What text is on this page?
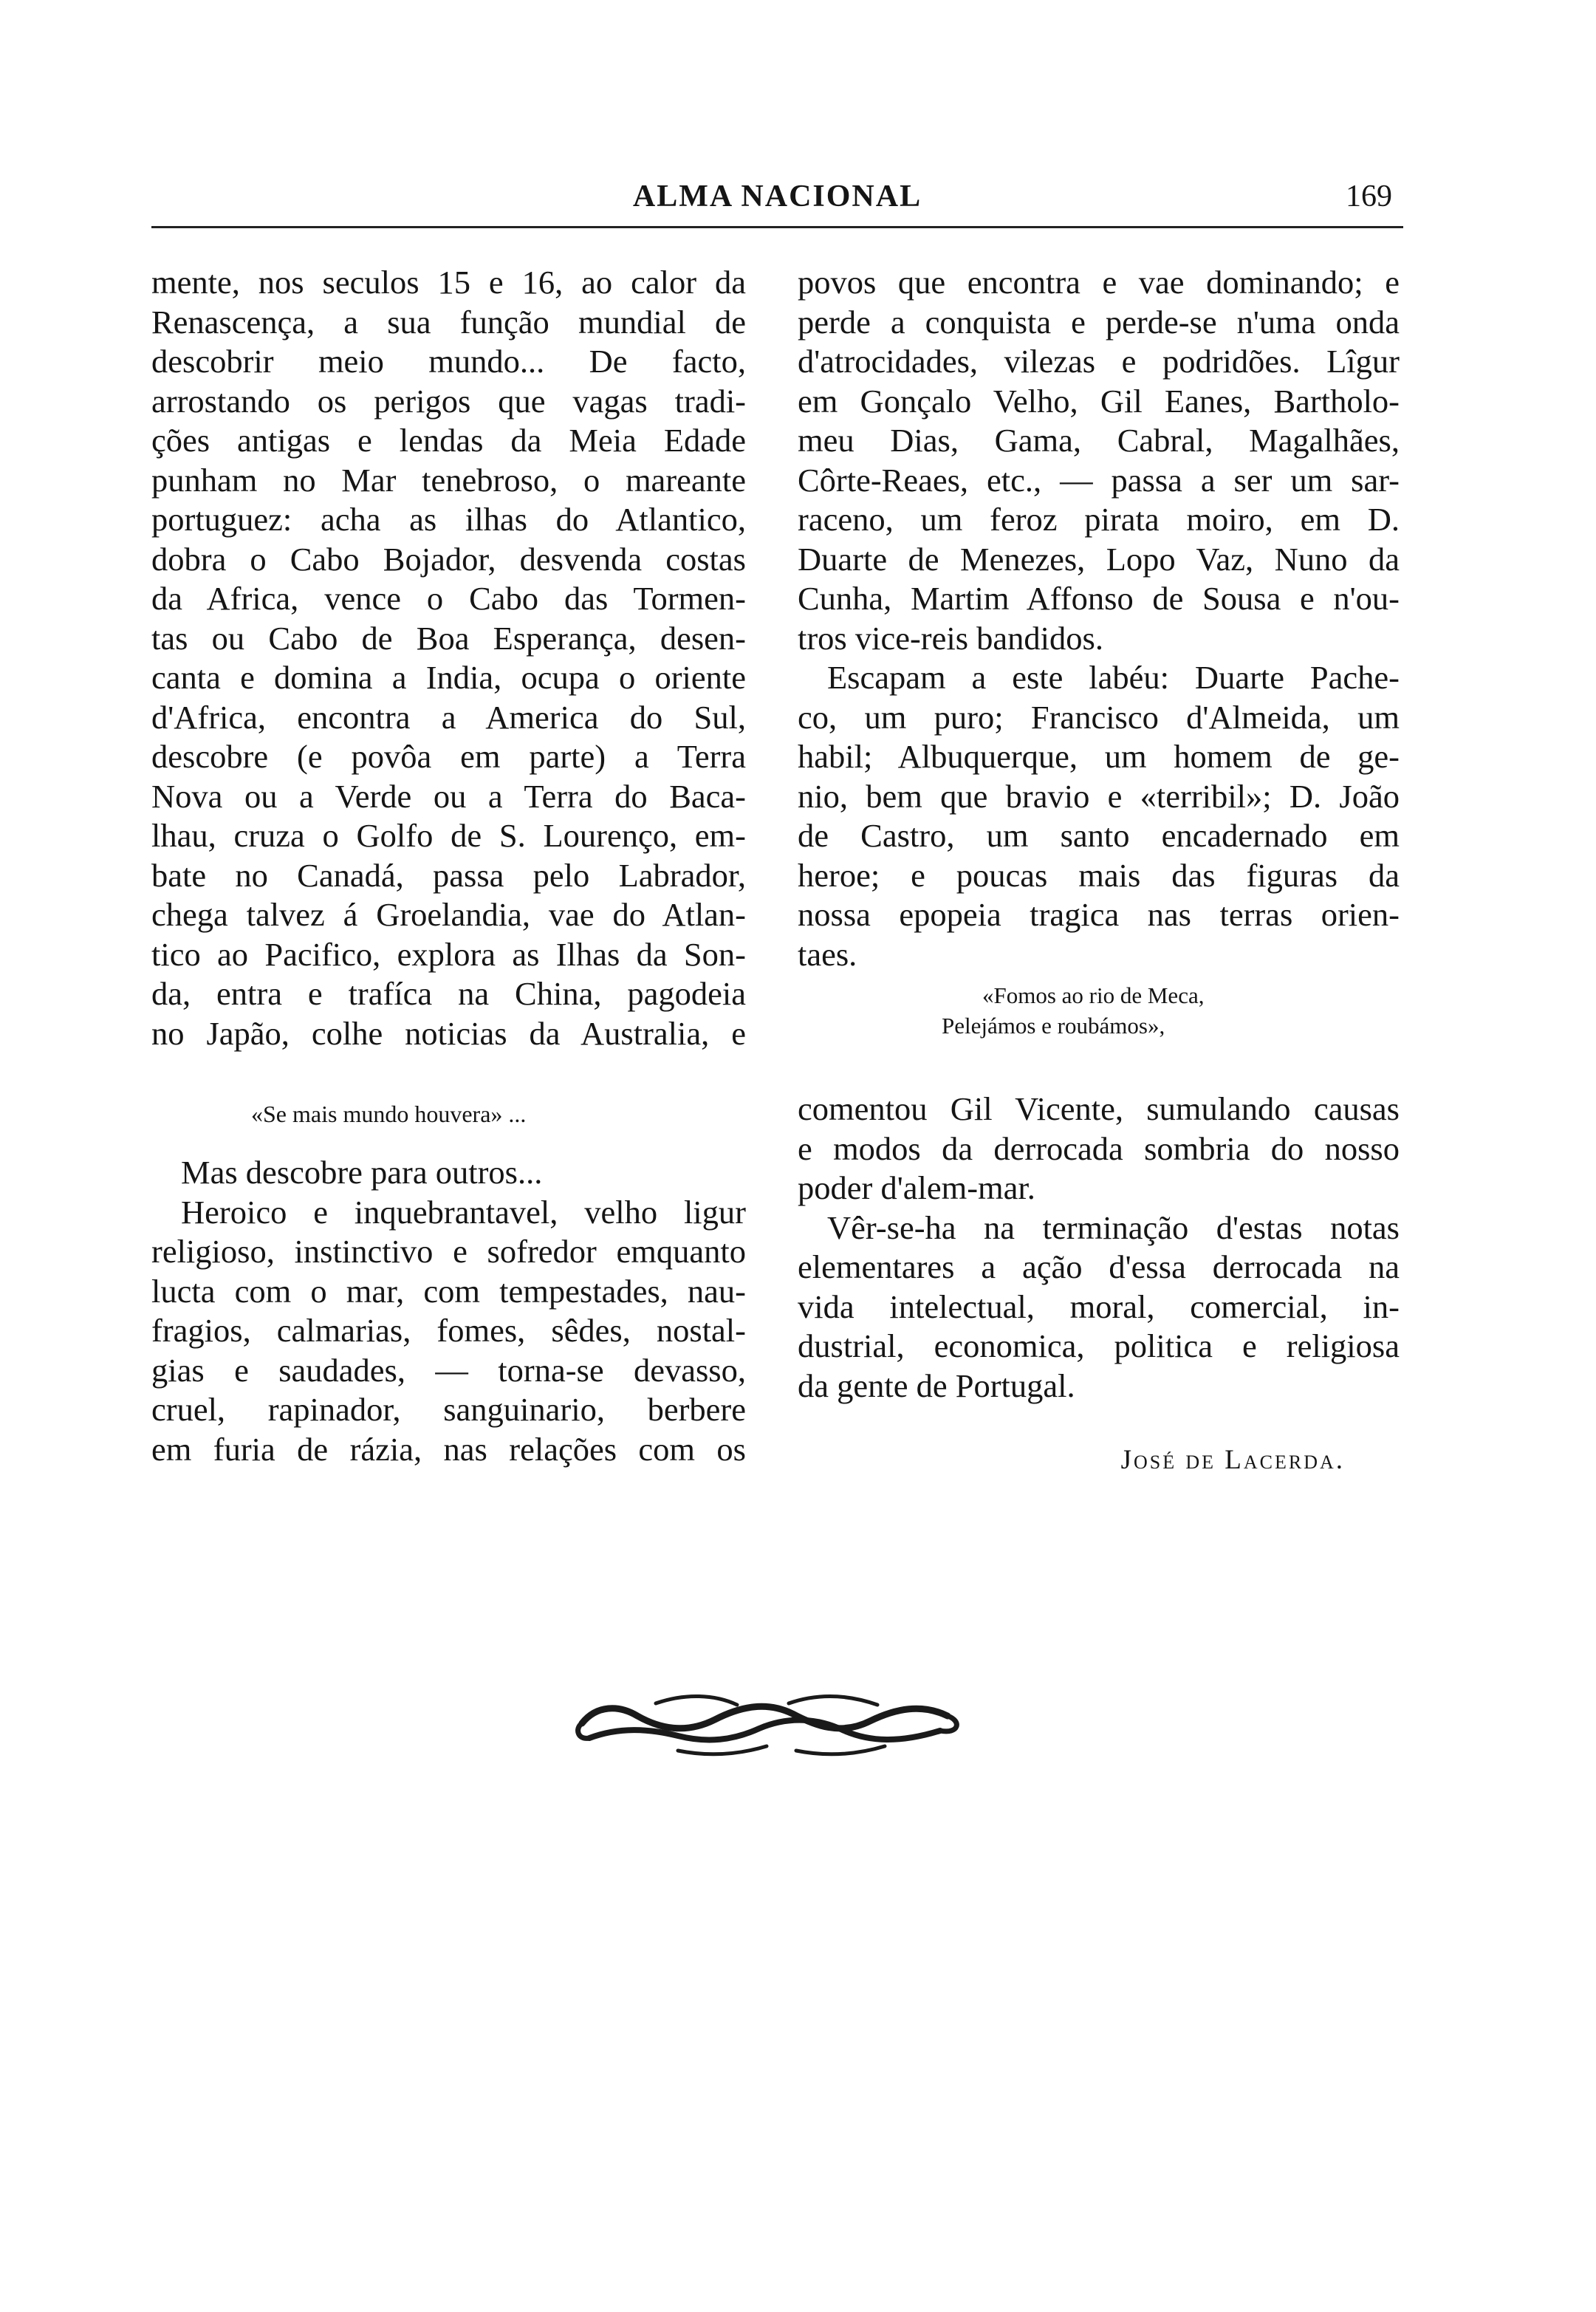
ALMA NACIONAL	169
mente, nos seculos 15 e 16, ao calor da
Renascença, a sua função mundial de
descobrir meio mundo... De facto,
arrostando os perigos que vagas tradi-
ções antigas e lendas da Meia Edade
punham no Mar tenebroso, o mareante
portuguez: acha as ilhas do Atlantico,
dobra o Cabo Bojador, desvenda costas
da Africa, vence o Cabo das Tormen-
tas ou Cabo de Boa Esperança, desen-
canta e domina a India, ocupa o oriente
d'Africa, encontra a America do Sul,
descobre (e povôa em parte) a Terra
Nova ou a Verde ou a Terra do Baca-
lhau, cruza o Golfo de S. Lourenço, em-
bate no Canadá, passa pelo Labrador,
chega talvez á Groelandia, vae do Atlan-
tico ao Pacifico, explora as Ilhas da Son-
da, entra e trafíca na China, pagodeia
no Japão, colhe noticias da Australia, e
«Se mais mundo houvera» ...
Mas descobre para outros...
Heroico e inquebrantavel, velho ligur
religioso, instinctivo e sofredor emquanto
lucta com o mar, com tempestades, nau-
fragios, calmarias, fomes, sêdes, nostal-
gias e saudades, — torna-se devasso,
cruel, rapinador, sanguinario, berbere
em furia de rázia, nas relações com os
povos que encontra e vae dominando; e
perde a conquista e perde-se n'uma onda
d'atrocidades, vilezas e podridões. Lîgur
em Gonçalo Velho, Gil Eanes, Bartholo-
meu Dias, Gama, Cabral, Magalhães,
Côrte-Reaes, etc., — passa a ser um sar-
raceno, um feroz pirata moiro, em D.
Duarte de Menezes, Lopo Vaz, Nuno da
Cunha, Martim Affonso de Sousa e n'ou-
tros vice-reis bandidos.
Escapam a este labéu: Duarte Pache-
co, um puro; Francisco d'Almeida, um
habil; Albuquerque, um homem de ge-
nio, bem que bravio e «terribil»; D. João
de Castro, um santo encadernado em
heroe; e poucas mais das figuras da
nossa epopeia tragica nas terras orien-
taes.
«Fomos ao rio de Meca,
Pelejámos e roubámos»,
comentou Gil Vicente, sumulando causas
e modos da derrocada sombria do nosso
poder d'alem-mar.
Vêr-se-ha na terminação d'estas notas
elementares a ação d'essa derrocada na
vida intelectual, moral, comercial, in-
dustrial, economica, politica e religiosa
da gente de Portugal.
José de Lacerda.
